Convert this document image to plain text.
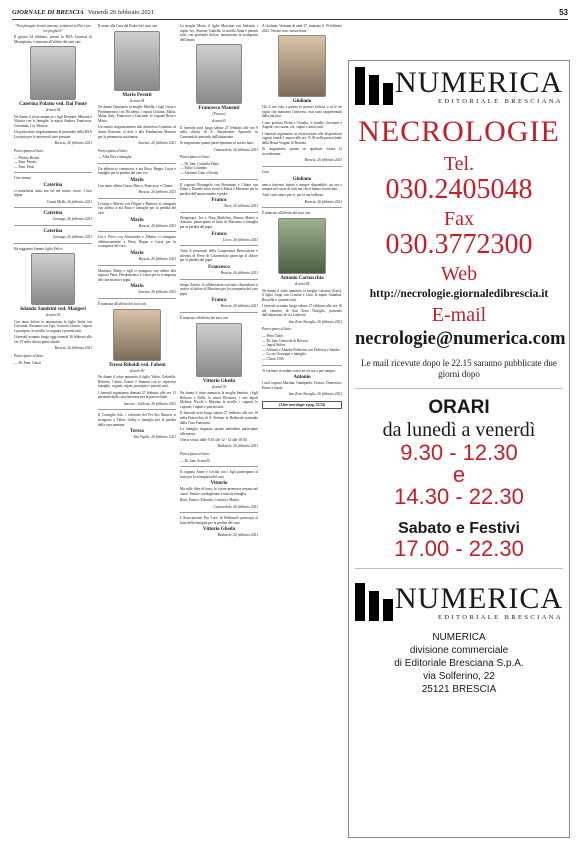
GIORNALE DI BRESCIA Venerdì 26 febbraio 2021	53

"Non piangete la mia assenza, sentitemi in Dio e per voi pregherò"

Il giorno 24 febbraio, presso la RSA Lucrezia di Montepiano, è mancata all'affetto dei suoi cari

Caterina Polatto ved. Dal Ponte
di anni 94

Ne danno il triste annuncio i figli Donnata, Mirjana e Vittoria con le famiglie, le nipoti Andrea, Francesca, Giovanna, Lia, Monica.

Un particolare ringraziamento al personale della RSA Lucrezia per le amorevoli cure prestate.

Brescia, 26 febbraio 2021
Partecipano al lutto:
— Pierino Bersiti
— Fam. Ferrari
— Fam. Ferni

Ciao nonna

Caterina

ci mancherai tanto ma sei nel nostro cuore. I tuoi nipoti.

Casati Molla, 26 febbraio 2021
Caterina
Gussago, 26 febbraio 2021
Caterina
Gussago, 26 febbraio 2021

Ha raggiunto l'amato figlio Felice

Iolanda Sandrini ved. Mangeri
di anni 92

Con tanto dolore lo annunciano le figlie Sofia con Giovanni, Rosanna con Ugo, la nuora Letizia, i nipoti e pronipoti, le sorelle, la cognata e parenti tutti.

I funerali avranno luogo oggi venerdì 26 febbraio alle ore 15 nella chiesa parrocchiale.

Brescia, 26 febbraio 2021
Partecipano al lutto:
— Dr. Fam. Giusti

Il senso alla Casa del Padre fra i suoi cari

Mario Perotti
di anni 94

Ne danno l'annuncio la moglie Mirella, i figli Luisa e Pierdomenico con Nicoletta, i nipoti Cristina, Maria, Matia, Italy, Francesco e Giacomo, le cognate Rose e Maria.

Un sentito ringraziamento alla dottoressa Cosmina, al dottor Ronzino, al dott. e alla Fondazione Mancini per la premurosa assistenza.

Sarezzo, 26 febbraio 2021
Partecipano al lutto:
— Alba Elia e famiglia

Un abbraccio commosso a zia Rosa, Beppe, Luisa e famiglie per la perdita del caro zio

Mario

Con tanto affetto Gisan, Marco, Francesco e Chiara.

Brescia, 26 febbraio 2021

Liviana e Alberto con Filippo e Beatrice si stringono con affetto a zia Rosa e famiglie per la perdita del caro

Mario
Brescia, 26 febbraio 2021

Lia e Piero con Alessandra e Alberto si stringono affettuosamente a Piera, Beppe e Luisa per la scomparsa del caro

Mario
Brescia, 26 febbraio 2021

Maurizia, Mario e figli si stringono con affetto alla signora Piera, Pierdomenico e Luisa per la scomparsa del caro marito e papà.

Mario
Sarezzo, 26 febbraio 2021

È mancata all'affetto dei suoi cari

Teresa Riboldi ved. Fabeni
di anni 90

Ne danno il triste annuncio il figlio Valter, Gabriella, Roberto, Cinzia, Ermes e Simona con le rispettive famiglie, cognati, nipoti, pronipoti e parenti tutti.

I funerali seguiranno domani 27 febbraio alle ore 15 partendo dalla casa funeraria per la parrocchiale.

Sarezzo - Gallena, 26 febbraio 2021

Il Consiglio Ads, i volontari del Pet Sos Bazzeri si stringono a Valter, Gabry e famiglia per la perdita della cara mamma

Teresa
San Vigilio, 26 febbraio 2021

La moglie Maria, il figlio Massimo con Stefania, i nipoti Ivo, Simone, Isabella, la sorella Anna e parenti tutti, con profondo dolore, annunciano la scomparsa dell'amato

Francesco Manenti
(Franco)
di anni 81

Il funerale avrà luogo sabato 27 febbraio alle ore 9 nella chiesa di S. Bartolomeo Apostolo in Castenedolo partendo dall'abitazione.

Si ringraziano quanti parteciperanno al nostro lutto.

Castenedolo, 26 febbraio 2021
Partecipano al lutto:
— Dr. fam. Colombi Fabio
— Fabio Colombo
— Antonini Gino e Orsola

Il cognato Pierangelo con Pierantoni e Chiara con Fabio e Daniele sono vicini a Maria e Massimo per la perdita dell'amato marito e padre

Franco
Nave, 26 febbraio 2021

Piergiorgio, Ivo e Nara Malfolini, Renato Mattei e Antonia, partecipano al lutto di Massimo e famiglia per la perdita del papà

Franco
Lecco, 26 febbraio 2021

Tutto il personale della Cooperativa Bresciaforte e rilevato di Pieve di Castenedolo partecipa al dolore per la perdita del papà

Francesco
Brescia, 26 febbraio 2021

Sergio Zanini, il collaboratore con tutti i dipendenti si unisce al dolore di Massimo per la scomparsa del caro papà

Franco
Brescia, 26 febbraio 2021

È mancato all'affetto dei suoi cari

Vittorio Gheda
di anni 76

Ne danno il triste annuncio la moglie Santina, i figli Roberto e Nella, la nuora Eleonora, i cari nipoti Melissa, Nicolò e Martina, le sorelle, i cognati, le cognate, i nipoti e parenti tutti.

Il funerale avrà luogo sabato 27 febbraio alle ore 10 nella Parrocchia di S. Stefano in Bedizzole partendo dalla Casa Funeraria.

La famiglia ringrazia quanti intendono partecipare alla messa.

Orario visita: dalle 9.30 alle 12 - 14 alle 18.30.

Bedizzole, 26 febbraio 2021
Partecipano al lutto:
— Dr. fam. Scarselli

Il cognato Amer e Cecilia con i figli partecipano al lutto per la scomparsa del caro

Vittorio

Ma sulle fibre di ferro, le vostre promesse restano nel cuore. Sentite condoglianze a tutta la famiglia.

Roni, Franco, Edoardo, Cristina e Mattia.

Castenedolo, 26 febbraio 2021

L'Associazione Pro Loco di Bedizzole partecipa al lutto della famiglia per la perdita del caro

Vittorio Gheda
Bedizzole, 26 febbraio 2021

A Giuliano Vertuani di anni 37, mancato il 19 febbraio 2021. Nostro caro, nostro bene.

Giuliano

Chi il tuo volo è partito lo portavi felicità, e tu le tre ospiti che mancano l'universo, mai sono rappresentati dalla tua luce.

I tuoi genitori Elena e Claudio, il fratello Giovanni e Angela con Luana, zie, cugini e amici tutti.

I funerali seguiranno in osservazione alle disposizioni vigenti lunedì 1 marzo alle ore 15.30 nella parrocchiale della Beata Vergine di Rezzato.

Si ringraziano quanti in qualsiasi forma lo ricorderanno.

Brescia, 26 febbraio 2021

Ciao

Giuliano

amico fraterno, buono e sempre disponibile, sei ora e sempre nel cuore di tutti noi che ti hanno conosciuto.

Tutti i tuoi amici per te, per la tua bellezza.

Brescia, 26 febbraio 2021

È mancato all'affetto dei suoi cari

Antonio Cornacchia
di anni 84

Ne danno il triste annuncio la moglie Caterina (Gaty), il figlio Luigi con Cristina e Lino, le nipoti Annalisa, Rossella e i parenti tutti.

I funerali avranno luogo sabato 27 febbraio alle ore 10 nel cimitero di San Zeno Naviglio, partendo dall'abitazione di via Ludovisi.

San Zeno Naviglio, 26 febbraio 2021
Partecipano al lutto:
— Piero Tadei
— Dr. fam. Genovali di Brescia
— Ingrid Stifter
— Adriano e Anneke Pedercini con Federica e Sandro
— Lo zio Giuseppe e famiglia
— Classe 1936

Ti vorremo ricordare come eri tra noi e per sempre.

Antonio

I tuoi cognati Martina, Giampaolo, Franco, Domenico, Ettore e nipoti.

San Zeno Naviglio, 26 febbraio 2021
(Altre necrologie a pag. 52/54)
NUMERICA
EDITORIALE BRESCIANA
NECROLOGIE
Tel.
030.2405048
Fax
030.3772300
Web
http://necrologie.giornaledibrescia.it
E-mail
necrologie@numerica.com
Le mail ricevute dopo le 22.15 saranno pubblicate due giorni dopo
ORARI
da lunedì a venerdì
9.30 - 12.30
e
14.30 - 22.30
Sabato e Festivi
17.00 - 22.30
NUMERICA
EDITORIALE BRESCIANA
NUMERICA
divisione commerciale
di Editoriale Bresciana S.p.A.
via Solferino, 22
25121 BRESCIA
